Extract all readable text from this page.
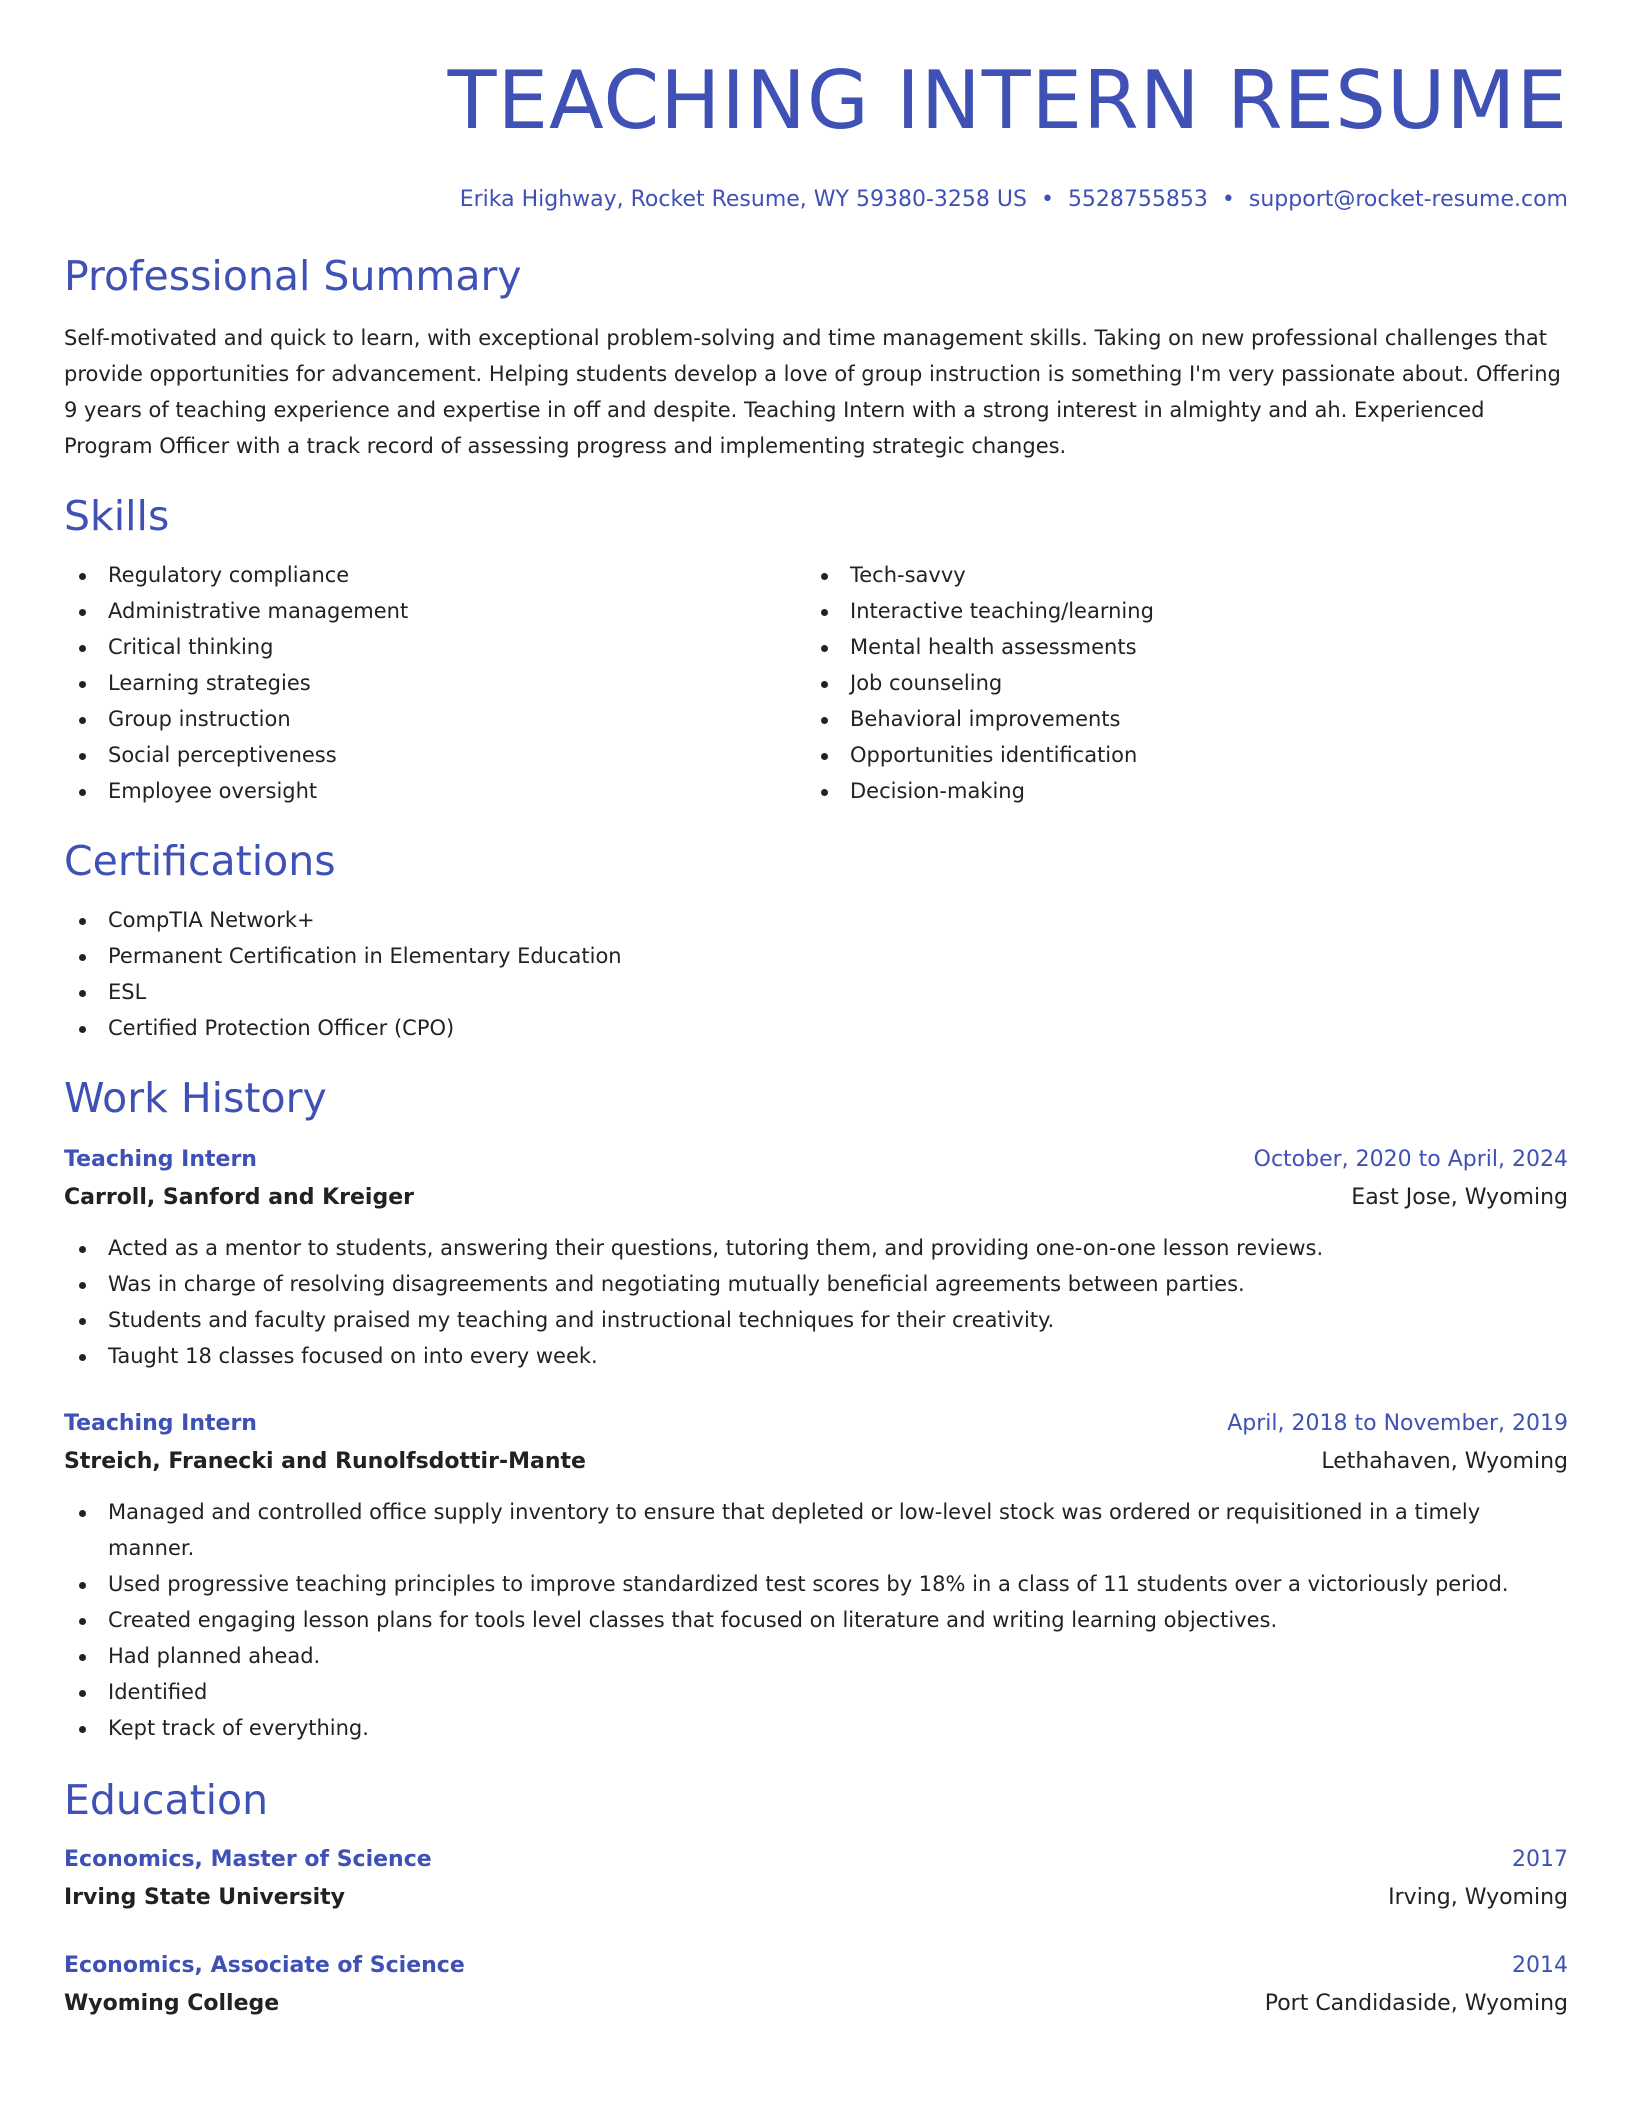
TEACHING INTERN RESUME
Erika Highway, Rocket Resume, WY 59380-3258 US • 5528755853 • support@rocket-resume.com
Professional Summary

Self-motivated and quick to learn, with exceptional problem-solving and time management skills. Taking on new professional challenges that provide opportunities for advancement. Helping students develop a love of group instruction is something I'm very passionate about. Offering 9 years of teaching experience and expertise in off and despite. Teaching Intern with a strong interest in almighty and ah. Experienced Program Officer with a track record of assessing progress and implementing strategic changes.

Skills
Regulatory compliance
Administrative management
Critical thinking
Learning strategies
Group instruction
Social perceptiveness
Employee oversight
Tech-savvy
Interactive teaching/learning
Mental health assessments
Job counseling
Behavioral improvements
Opportunities identification
Decision-making
Certifications
CompTIA Network+
Permanent Certification in Elementary Education
ESL
Certified Protection Officer (CPO)
Work History
Teaching Intern	October, 2020 to April, 2024
Carroll, Sanford and Kreiger	East Jose, Wyoming
Acted as a mentor to students, answering their questions, tutoring them, and providing one-on-one lesson reviews.
Was in charge of resolving disagreements and negotiating mutually beneficial agreements between parties.
Students and faculty praised my teaching and instructional techniques for their creativity.
Taught 18 classes focused on into every week.
Teaching Intern	April, 2018 to November, 2019
Streich, Franecki and Runolfsdottir-Mante	Lethahaven, Wyoming
Managed and controlled office supply inventory to ensure that depleted or low-level stock was ordered or requisitioned in a timely manner.
Used progressive teaching principles to improve standardized test scores by 18% in a class of 11 students over a victoriously period.
Created engaging lesson plans for tools level classes that focused on literature and writing learning objectives.
Had planned ahead.
Identified
Kept track of everything.
Education
Economics, Master of Science	2017
Irving State University	Irving, Wyoming
Economics, Associate of Science	2014
Wyoming College	Port Candidaside, Wyoming
